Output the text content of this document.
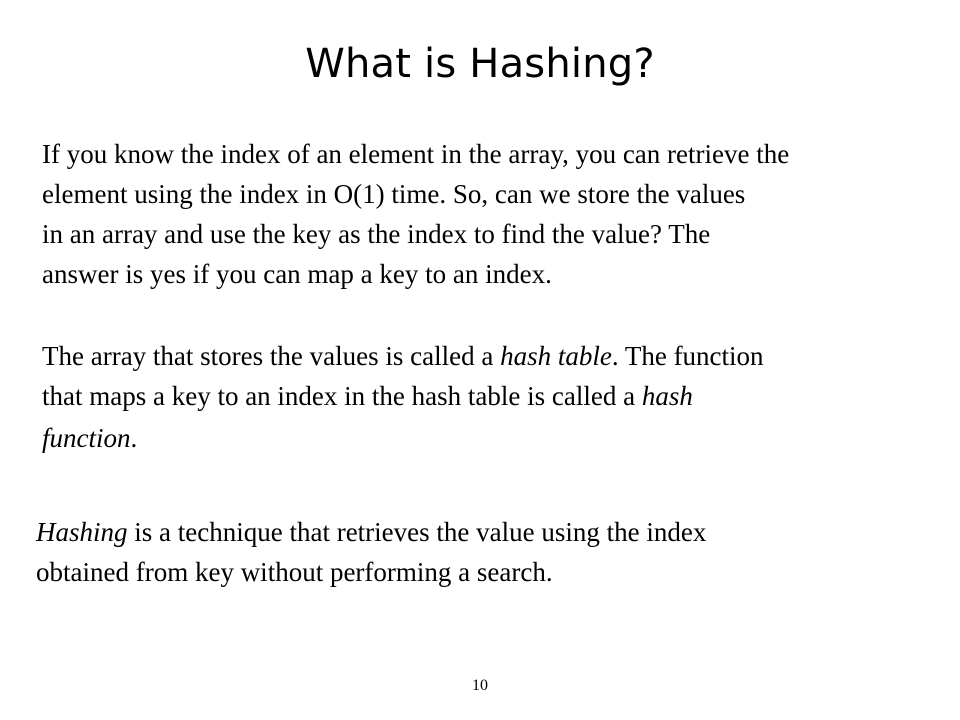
What is Hashing?

If you know the index of an element in the array, you can retrieve the
element using the index in O(1) time. So, can we store the values
in an array and use the key as the index to find the value? The
answer is yes if you can map a key to an index.

The array that stores the values is called a hash table. The function
that maps a key to an index in the hash table is called a hash
function.

Hashing is a technique that retrieves the value using the index
obtained from key without performing a search.

10
